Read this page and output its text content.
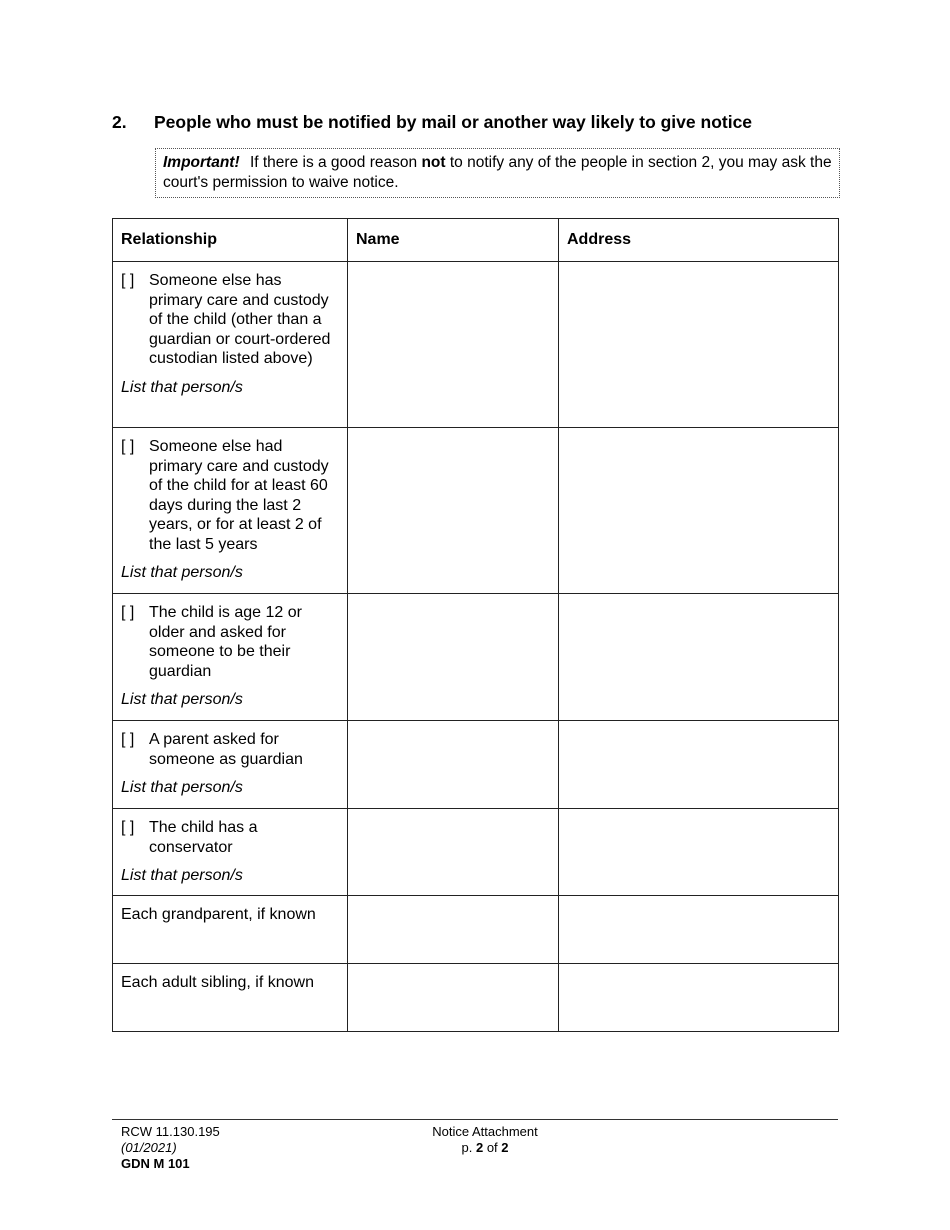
2. People who must be notified by mail or another way likely to give notice
Important! If there is a good reason not to notify any of the people in section 2, you may ask the court's permission to waive notice.
Relationship	Name	Address

[ ] Someone else has primary care and custody of the child (other than a guardian or court-ordered custodian listed above)
List that person/s		

[ ] Someone else had primary care and custody of the child for at least 60 days during the last 2 years, or for at least 2 of the last 5 years
List that person/s		

[ ] The child is age 12 or older and asked for someone to be their guardian
List that person/s		

[ ] A parent asked for someone as guardian
List that person/s		

[ ] The child has a conservator
List that person/s		

Each grandparent, if known		

Each adult sibling, if known		

RCW 11.130.195
(01/2021)
GDN M 101
Notice Attachment
p. 2 of 2
